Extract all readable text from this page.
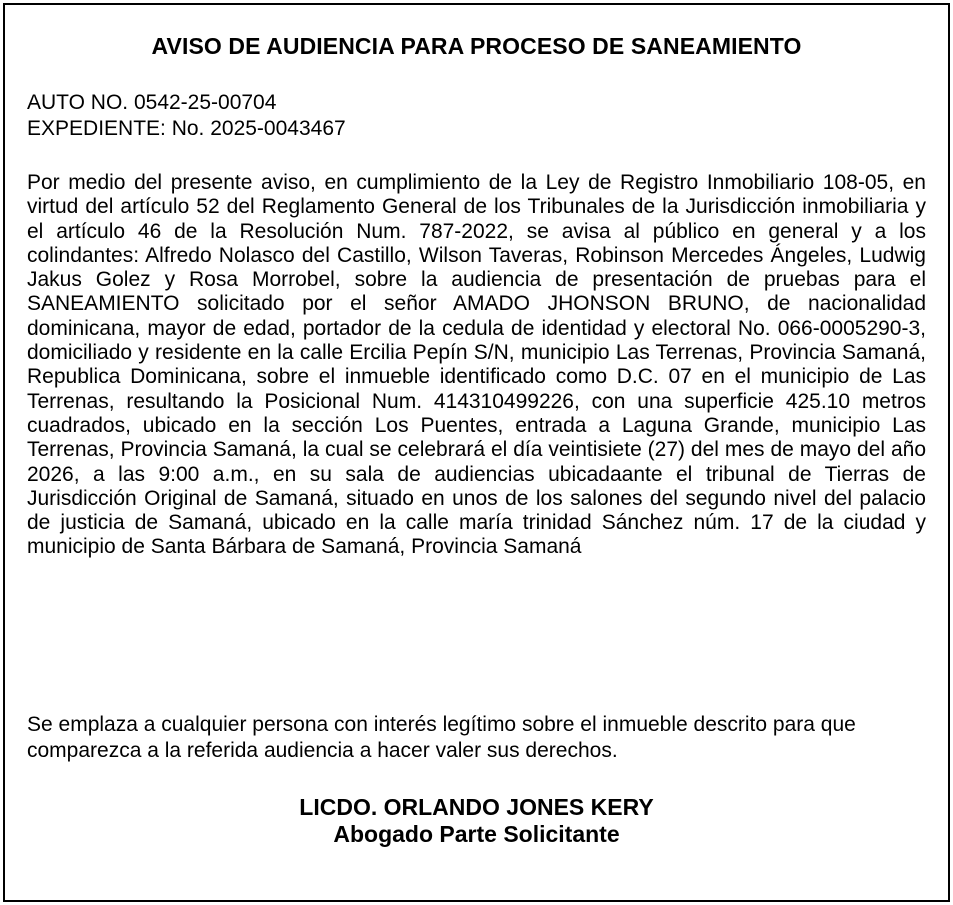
AVISO DE AUDIENCIA PARA PROCESO DE SANEAMIENTO
AUTO NO. 0542-25-00704
EXPEDIENTE: No. 2025-0043467
Por medio del presente aviso, en cumplimiento de la Ley de Registro Inmobiliario 108-05, en virtud del artículo 52 del Reglamento General de los Tribunales de la Jurisdicción inmobiliaria y el artículo 46 de la Resolución Num. 787-2022, se avisa al público en general y a los colindantes: Alfredo Nolasco del Castillo, Wilson Taveras, Robinson Mercedes Ángeles, Ludwig Jakus Golez y Rosa Morrobel, sobre la audiencia de presentación de pruebas para el SANEAMIENTO solicitado por el señor AMADO JHONSON BRUNO, de nacionalidad dominicana, mayor de edad, portador de la cedula de identidad y electoral No. 066-0005290-3, domiciliado y residente en la calle Ercilia Pepín S/N, municipio Las Terrenas, Provincia Samaná, Republica Dominicana, sobre el inmueble identificado como D.C. 07 en el municipio de Las Terrenas, resultando la Posicional Num. 414310499226, con una superficie 425.10 metros cuadrados, ubicado en la sección Los Puentes, entrada a Laguna Grande, municipio Las Terrenas, Provincia Samaná, la cual se celebrará el día veintisiete (27) del mes de mayo del año 2026, a las 9:00 a.m., en su sala de audiencias ubicadaante el tribunal de Tierras de Jurisdicción Original de Samaná, situado en unos de los salones del segundo nivel del palacio de justicia de Samaná, ubicado en la calle maría trinidad Sánchez núm. 17 de la ciudad y municipio de Santa Bárbara de Samaná, Provincia Samaná
Se emplaza a cualquier persona con interés legítimo sobre el inmueble descrito para que comparezca a la referida audiencia a hacer valer sus derechos.
LICDO. ORLANDO JONES KERY
Abogado Parte Solicitante
